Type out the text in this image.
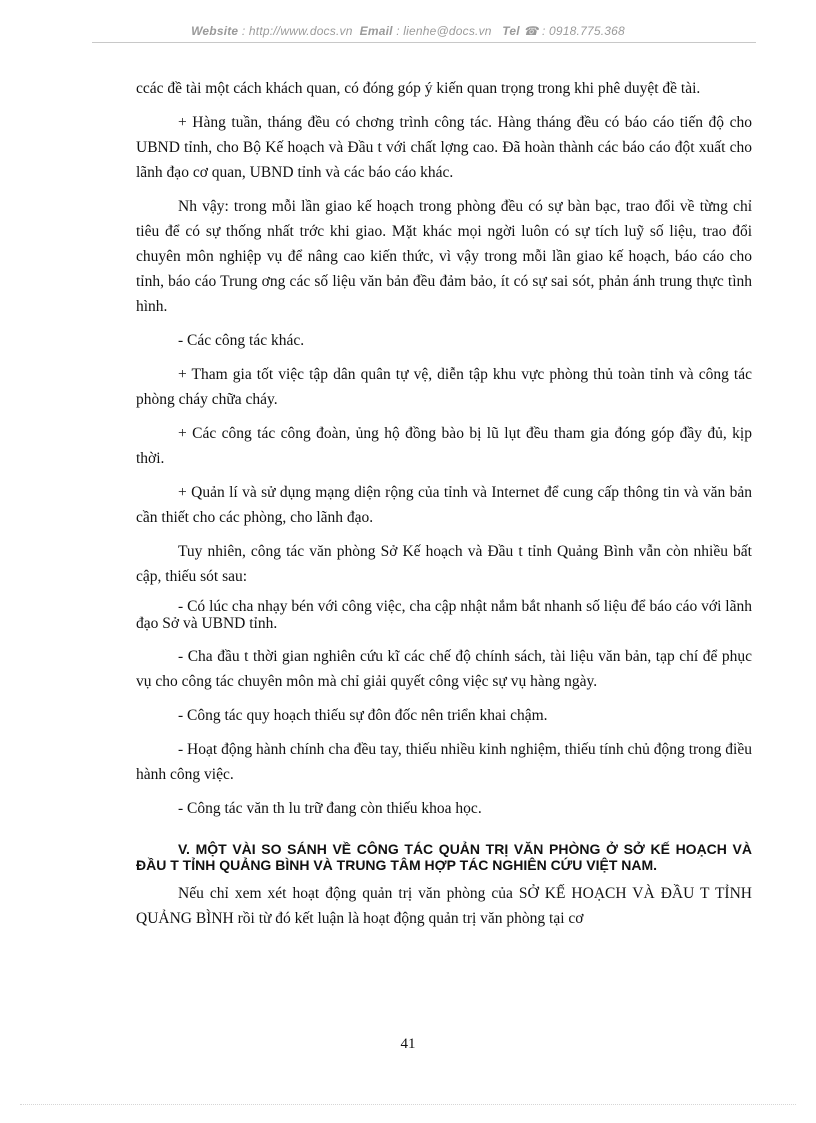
Website : http://www.docs.vn Email : lienhe@docs.vn Tel ☎ : 0918.775.368

ccác đề tài một cách khách quan, có đóng góp ý kiến quan trọng trong khi phê duyệt đề tài.

+ Hàng tuần, tháng đều có chơng trình công tác. Hàng tháng đều có báo cáo tiến độ cho UBND tỉnh, cho Bộ Kế hoạch và Đầu t với chất lợng cao. Đã hoàn thành các báo cáo đột xuất cho lãnh đạo cơ quan, UBND tỉnh và các báo cáo khác.

Nh vậy: trong mỗi lần giao kế hoạch trong phòng đều có sự bàn bạc, trao đổi về từng chỉ tiêu để có sự thống nhất trớc khi giao. Mặt khác mọi ngời luôn có sự tích luỹ số liệu, trao đổi chuyên môn nghiệp vụ để nâng cao kiến thức, vì vậy trong mỗi lần giao kế hoạch, báo cáo cho tỉnh, báo cáo Trung ơng các số liệu văn bản đều đảm bảo, ít có sự sai sót, phản ánh trung thực tình hình.

- Các công tác khác.

+ Tham gia tốt việc tập dân quân tự vệ, diễn tập khu vực phòng thủ toàn tỉnh và công tác phòng cháy chữa cháy.

+ Các công tác công đoàn, ủng hộ đồng bào bị lũ lụt đều tham gia đóng góp đầy đủ, kịp thời.

+ Quản lí và sử dụng mạng diện rộng của tỉnh và Internet để cung cấp thông tin và văn bản cần thiết cho các phòng, cho lãnh đạo.

Tuy nhiên, công tác văn phòng Sở Kế hoạch và Đầu t tỉnh Quảng Bình vẫn còn nhiều bất cập, thiếu sót sau:

- Có lúc cha nhạy bén với công việc, cha cập nhật nắm bắt nhanh số liệu để báo cáo với lãnh đạo Sở và UBND tỉnh.

- Cha đầu t thời gian nghiên cứu kĩ các chế độ chính sách, tài liệu văn bản, tạp chí để phục vụ cho công tác chuyên môn mà chỉ giải quyết công việc sự vụ hàng ngày.

- Công tác quy hoạch thiếu sự đôn đốc nên triển khai chậm.

- Hoạt động hành chính cha đều tay, thiếu nhiều kinh nghiệm, thiếu tính chủ động trong điều hành công việc.

- Công tác văn th lu trữ đang còn thiếu khoa học.

V. MỘT VÀI SO SÁNH VỀ CÔNG TÁC QUẢN TRỊ VĂN PHÒNG Ở SỞ KẾ HOẠCH VÀ ĐẦU T TỈNH QUẢNG BÌNH VÀ TRUNG TÂM HỢP TÁC NGHIÊN CỨU VIỆT NAM.

Nếu chỉ xem xét hoạt động quản trị văn phòng của SỞ KẾ HOẠCH VÀ ĐẦU T TỈNH QUẢNG BÌNH rồi từ đó kết luận là hoạt động quản trị văn phòng tại cơ

41
